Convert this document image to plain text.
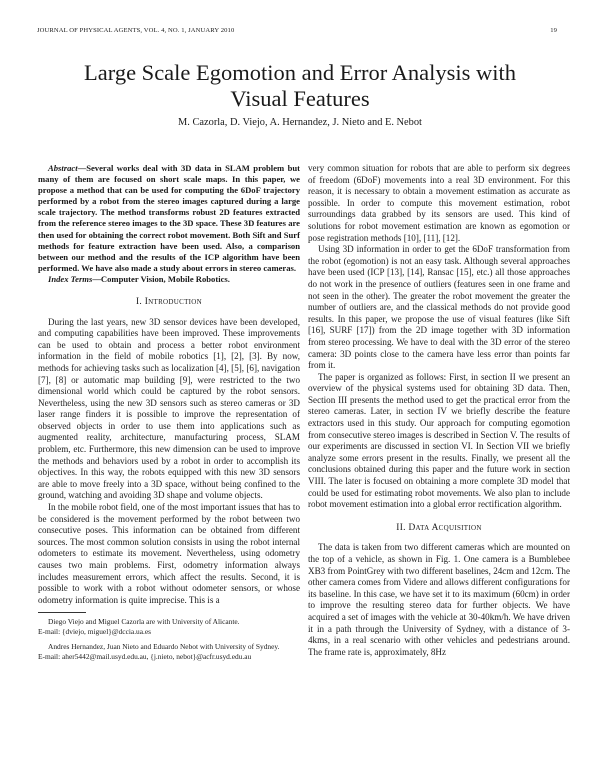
JOURNAL OF PHYSICAL AGENTS, VOL. 4, NO. 1, JANUARY 2010	19
Large Scale Egomotion and Error Analysis with
Visual Features
M. Cazorla, D. Viejo, A. Hernandez, J. Nieto and E. Nebot

Abstract—Several works deal with 3D data in SLAM problem but many of them are focused on short scale maps. In this paper, we propose a method that can be used for computing the 6DoF trajectory performed by a robot from the stereo images captured during a large scale trajectory. The method transforms robust 2D features extracted from the reference stereo images to the 3D space. These 3D features are then used for obtaining the correct robot movement. Both Sift and Surf methods for feature extraction have been used. Also, a comparison between our method and the results of the ICP algorithm have been performed. We have also made a study about errors in stereo cameras.

Index Terms—Computer Vision, Mobile Robotics.

I. Introduction

During the last years, new 3D sensor devices have been developed, and computing capabilities have been improved. These improvements can be used to obtain and process a better robot environment information in the field of mobile robotics [1], [2], [3]. By now, methods for achieving tasks such as localization [4], [5], [6], navigation [7], [8] or automatic map building [9], were restricted to the two dimensional world which could be captured by the robot sensors. Nevertheless, using the new 3D sensors such as stereo cameras or 3D laser range finders it is possible to improve the representation of observed objects in order to use them into applications such as augmented reality, architecture, manufacturing process, SLAM problem, etc. Furthermore, this new dimension can be used to improve the methods and behaviors used by a robot in order to accomplish its objectives. In this way, the robots equipped with this new 3D sensors are able to move freely into a 3D space, without being confined to the ground, watching and avoiding 3D shape and volume objects.

In the mobile robot field, one of the most important issues that has to be considered is the movement performed by the robot between two consecutive poses. This information can be obtained from different sources. The most common solution consists in using the robot internal odometers to estimate its movement. Nevertheless, using odometry causes two main problems. First, odometry information always includes measurement errors, which affect the results. Second, it is possible to work with a robot without odometer sensors, or whose odometry information is quite imprecise. This is a

Diego Viejo and Miguel Cazorla are with University of Alicante.

E-mail: {dviejo, miguel}@dccia.ua.es

Andres Hernandez, Juan Nieto and Eduardo Nebot with University of Sydney.

E-mail: aher5442@mail.usyd.edu.au, {j.nieto, nebot}@acfr.usyd.edu.au

very common situation for robots that are able to perform six degrees of freedom (6DoF) movements into a real 3D environment. For this reason, it is necessary to obtain a movement estimation as accurate as possible. In order to compute this movement estimation, robot surroundings data grabbed by its sensors are used. This kind of solutions for robot movement estimation are known as egomotion or pose registration methods [10], [11], [12].

Using 3D information in order to get the 6DoF transformation from the robot (egomotion) is not an easy task. Although several approaches have been used (ICP [13], [14], Ransac [15], etc.) all those approaches do not work in the presence of outliers (features seen in one frame and not seen in the other). The greater the robot movement the greater the number of outliers are, and the classical methods do not provide good results. In this paper, we propose the use of visual features (like Sift [16], SURF [17]) from the 2D image together with 3D information from stereo processing. We have to deal with the 3D error of the stereo camera: 3D points close to the camera have less error than points far from it.

The paper is organized as follows: First, in section II we present an overview of the physical systems used for obtaining 3D data. Then, Section III presents the method used to get the practical error from the stereo cameras. Later, in section IV we briefly describe the feature extractors used in this study. Our approach for computing egomotion from consecutive stereo images is described in Section V. The results of our experiments are discussed in section VI. In Section VII we briefly analyze some errors present in the results. Finally, we present all the conclusions obtained during this paper and the future work in section VIII. The later is focused on obtaining a more complete 3D model that could be used for estimating robot movements. We also plan to include robot movement estimation into a global error rectification algorithm.

II. Data Acquisition

The data is taken from two different cameras which are mounted on the top of a vehicle, as shown in Fig. 1. One camera is a Bumblebee XB3 from PointGrey with two different baselines, 24cm and 12cm. The other camera comes from Videre and allows different configurations for its baseline. In this case, we have set it to its maximum (60cm) in order to improve the resulting stereo data for further objects. We have acquired a set of images with the vehicle at 30-40km/h. We have driven it in a path through the University of Sydney, with a distance of 3-4kms, in a real scenario with other vehicles and pedestrians around. The frame rate is, approximately, 8Hz
